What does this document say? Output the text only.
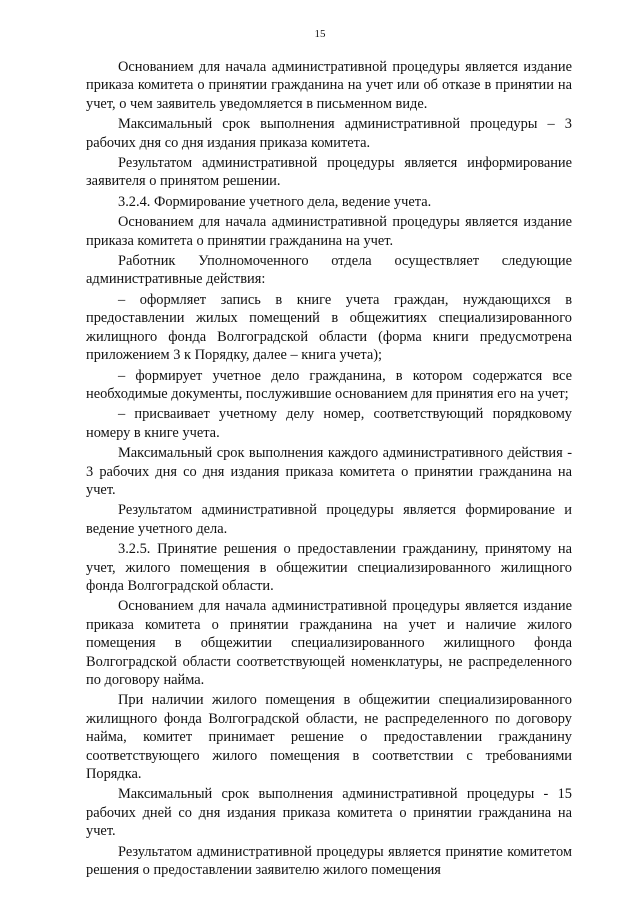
15

Основанием для начала административной процедуры является издание приказа комитета о принятии гражданина на учет или об отказе в принятии на учет, о чем заявитель уведомляется в письменном виде.

Максимальный срок выполнения административной процедуры – 3 рабочих дня со дня издания приказа комитета.

Результатом административной процедуры является информирование заявителя о принятом решении.

3.2.4. Формирование учетного дела, ведение учета.

Основанием для начала административной процедуры является издание приказа комитета о принятии гражданина на учет.

Работник Уполномоченного отдела осуществляет следующие административные действия:

– оформляет запись в книге учета граждан, нуждающихся в предоставлении жилых помещений в общежитиях специализированного жилищного фонда Волгоградской области (форма книги предусмотрена приложением 3 к Порядку, далее – книга учета);

– формирует учетное дело гражданина, в котором содержатся все необходимые документы, послужившие основанием для принятия его на учет;

– присваивает учетному делу номер, соответствующий порядковому номеру в книге учета.

Максимальный срок выполнения каждого административного действия - 3 рабочих дня со дня издания приказа комитета о принятии гражданина на учет.

Результатом административной процедуры является формирование и ведение учетного дела.

3.2.5. Принятие решения о предоставлении гражданину, принятому на учет, жилого помещения в общежитии специализированного жилищного фонда Волгоградской области.

Основанием для начала административной процедуры является издание приказа комитета о принятии гражданина на учет и наличие жилого помещения в общежитии специализированного жилищного фонда Волгоградской области соответствующей номенклатуры, не распределенного по договору найма.

При наличии жилого помещения в общежитии специализированного жилищного фонда Волгоградской области, не распределенного по договору найма, комитет принимает решение о предоставлении гражданину соответствующего жилого помещения в соответствии с требованиями Порядка.

Максимальный срок выполнения административной процедуры - 15 рабочих дней со дня издания приказа комитета о принятии гражданина на учет.

Результатом административной процедуры является принятие комитетом решения о предоставлении заявителю жилого помещения
